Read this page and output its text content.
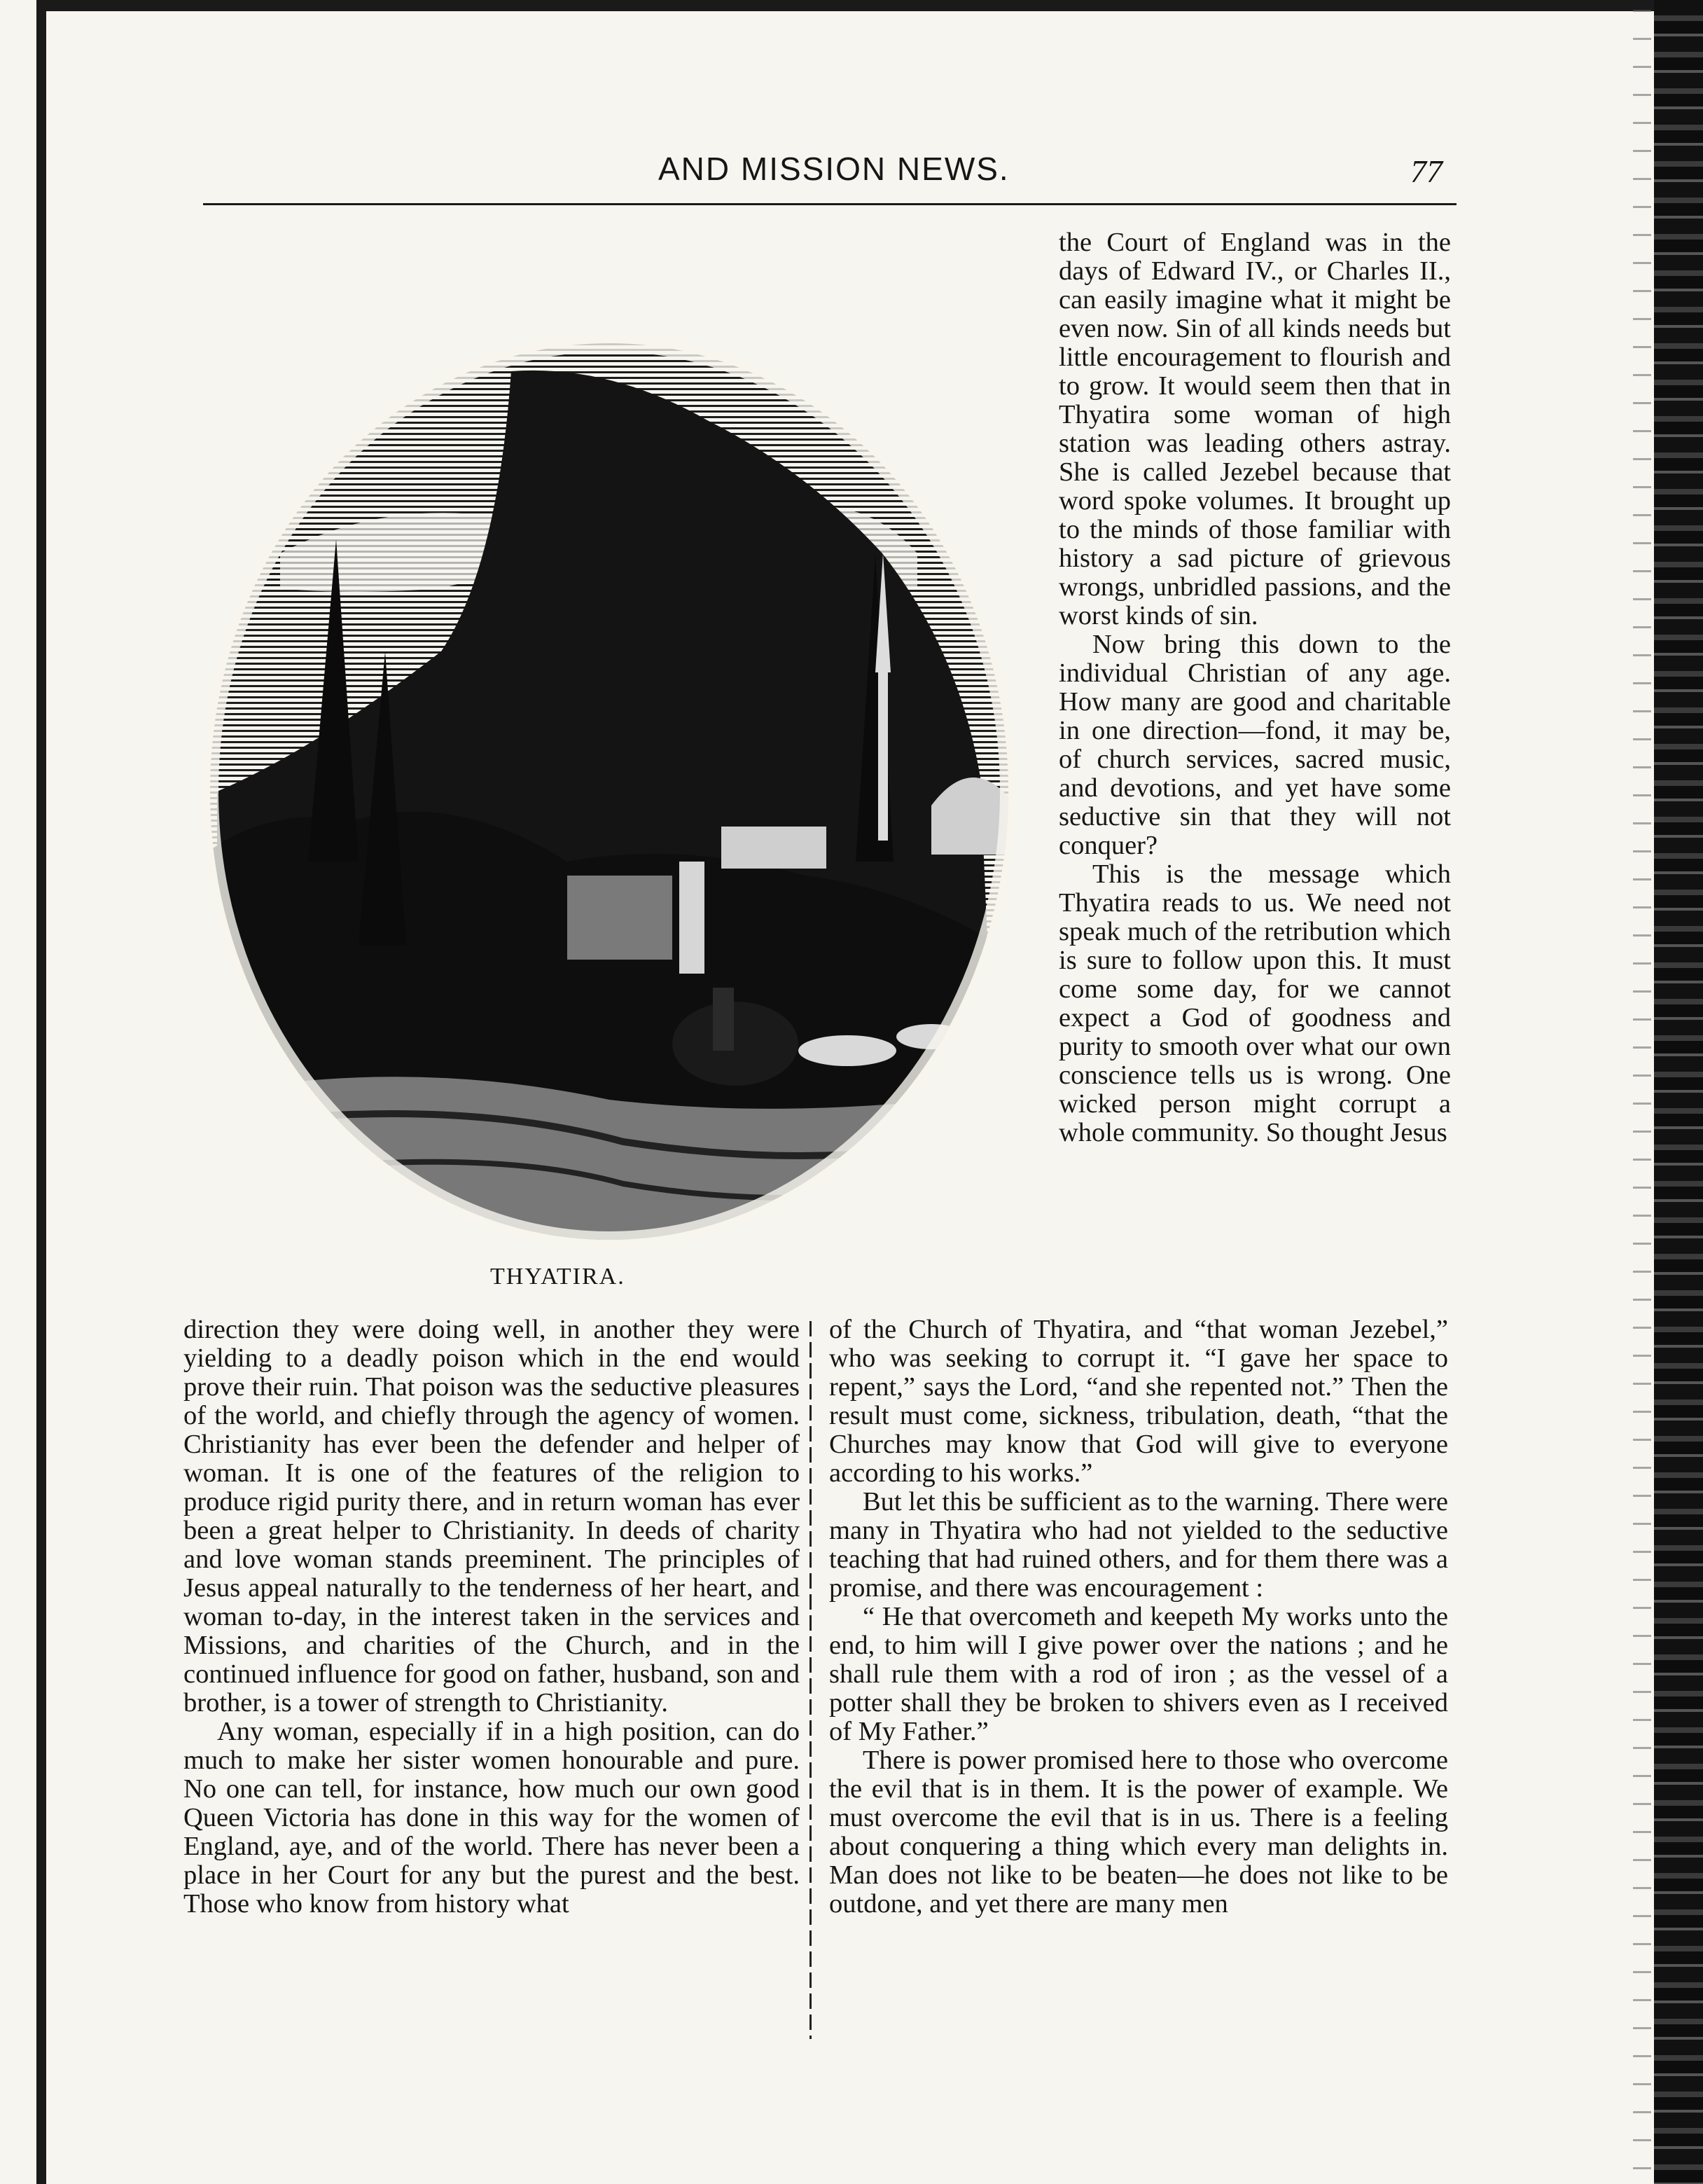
AND MISSION NEWS.	77
THYATIRA.

the Court of England was in the days of Edward IV., or Charles II., can easily imagine what it might be even now. Sin of all kinds needs but little encouragement to flourish and to grow. It would seem then that in Thyatira some woman of high station was leading others astray. She is called Jezebel because that word spoke volumes. It brought up to the minds of those familiar with history a sad picture of grievous wrongs, unbridled passions, and the worst kinds of sin.

Now bring this down to the individual Christian of any age. How many are good and charitable in one direction—fond, it may be, of church services, sacred music, and devotions, and yet have some seductive sin that they will not conquer?

This is the message which Thyatira reads to us. We need not speak much of the retribution which is sure to follow upon this. It must come some day, for we cannot expect a God of goodness and purity to smooth over what our own conscience tells us is wrong. One wicked person might corrupt a whole community. So thought Jesus

direction they were doing well, in another they were yielding to a deadly poison which in the end would prove their ruin. That poison was the seductive pleasures of the world, and chiefly through the agency of women. Christianity has ever been the defender and helper of woman. It is one of the features of the religion to produce rigid purity there, and in return woman has ever been a great helper to Christianity. In deeds of charity and love woman stands preeminent. The principles of Jesus appeal naturally to the tenderness of her heart, and woman to-day, in the interest taken in the services and Missions, and charities of the Church, and in the continued influence for good on father, husband, son and brother, is a tower of strength to Christianity.

Any woman, especially if in a high position, can do much to make her sister women honourable and pure. No one can tell, for instance, how much our own good Queen Victoria has done in this way for the women of England, aye, and of the world. There has never been a place in her Court for any but the purest and the best. Those who know from history what

of the Church of Thyatira, and “that woman Jezebel,” who was seeking to corrupt it. “I gave her space to repent,” says the Lord, “and she repented not.” Then the result must come, sickness, tribulation, death, “that the Churches may know that God will give to everyone according to his works.”

But let this be sufficient as to the warning. There were many in Thyatira who had not yielded to the seductive teaching that had ruined others, and for them there was a promise, and there was encouragement :

“ He that overcometh and keepeth My works unto the end, to him will I give power over the nations ; and he shall rule them with a rod of iron ; as the vessel of a potter shall they be broken to shivers even as I received of My Father.”

There is power promised here to those who overcome the evil that is in them. It is the power of example. We must overcome the evil that is in us. There is a feeling about conquering a thing which every man delights in. Man does not like to be beaten—he does not like to be outdone, and yet there are many men
